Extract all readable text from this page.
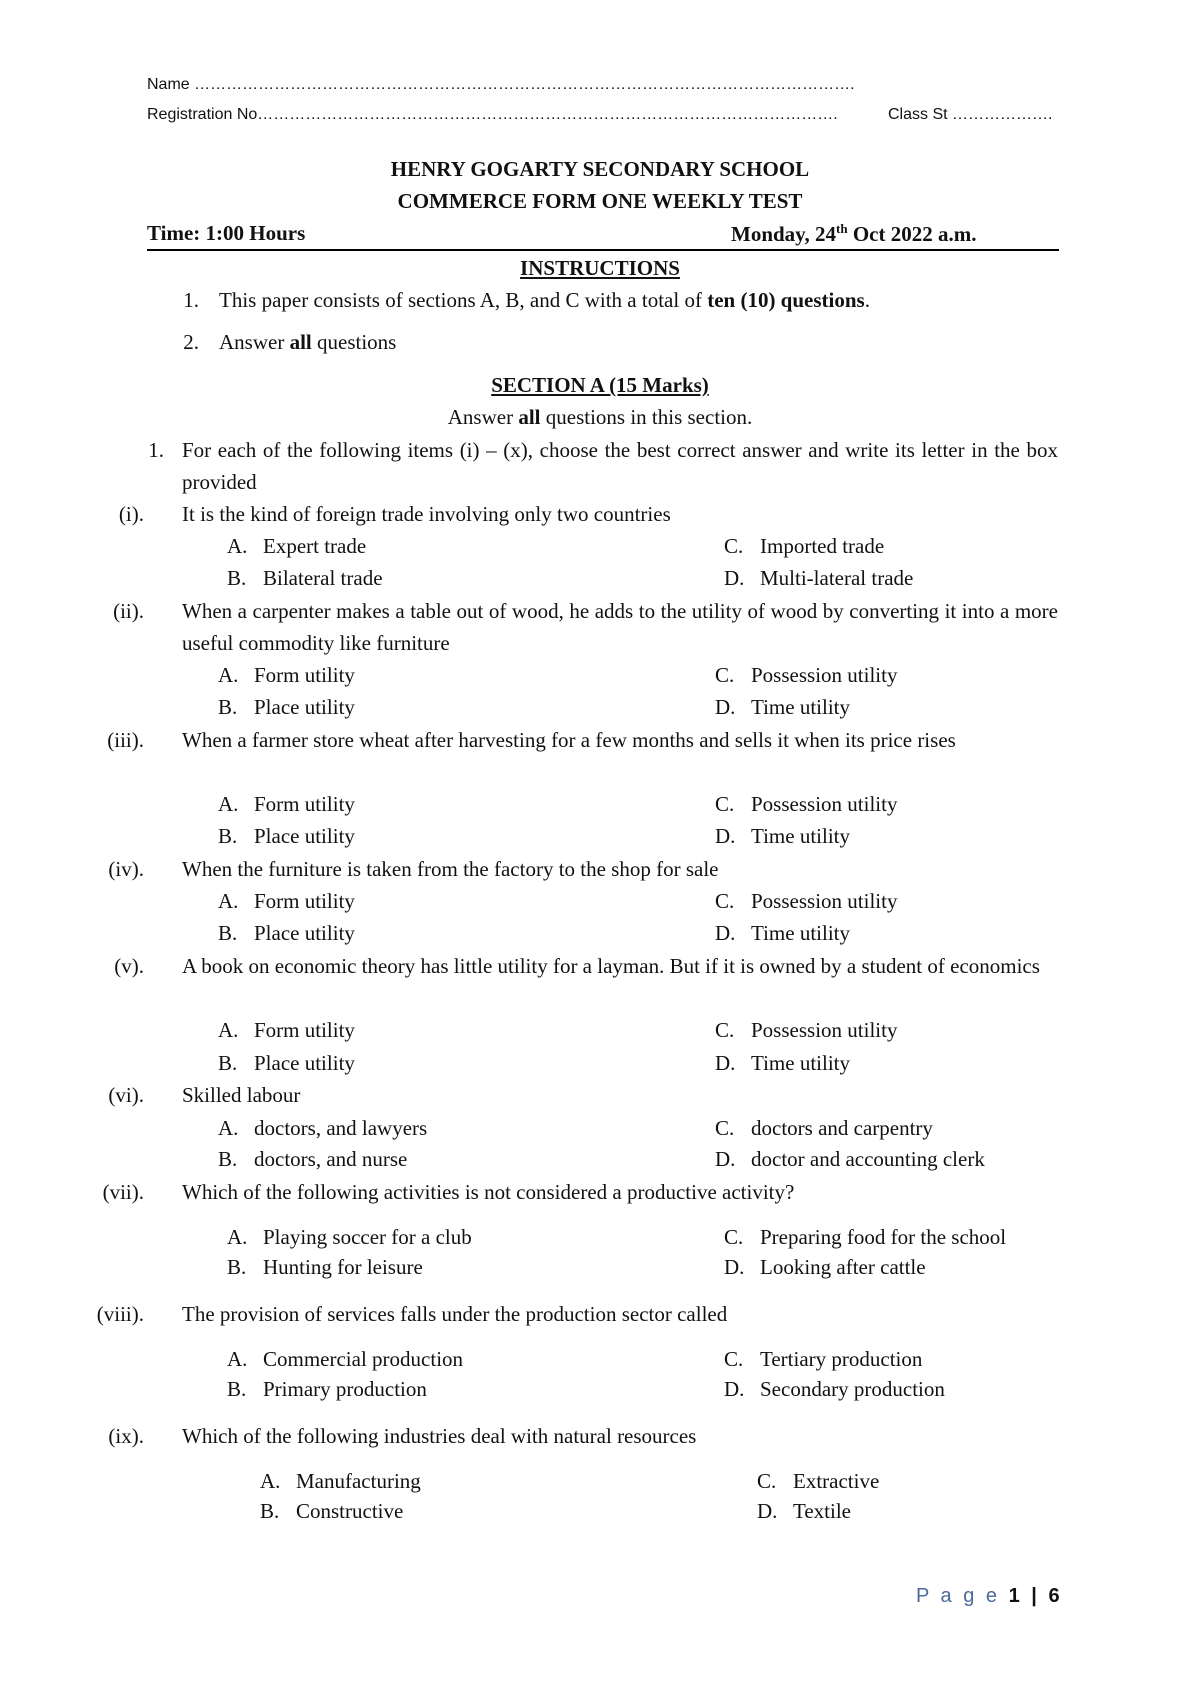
Name …………………………………………………………………………………………………………….
Registration No……………………………………………………………………………………………….	Class St ……………….
HENRY GOGARTY SECONDARY SCHOOL
COMMERCE FORM ONE WEEKLY TEST
Time: 1:00 Hours	Monday, 24th Oct 2022 a.m.
INSTRUCTIONS
1. This paper consists of sections A, B, and C with a total of ten (10) questions.
2. Answer all questions
SECTION A (15 Marks)
Answer all questions in this section.
1. For each of the following items (i) – (x), choose the best correct answer and write its letter in the box provided
(i). It is the kind of foreign trade involving only two countries
A. Expert trade
B. Bilateral trade
C. Imported trade
D. Multi-lateral trade
(ii). When a carpenter makes a table out of wood, he adds to the utility of wood by converting it into a more useful commodity like furniture
A. Form utility
B. Place utility
C. Possession utility
D. Time utility
(iii). When a farmer store wheat after harvesting for a few months and sells it when its price rises
A. Form utility
B. Place utility
C. Possession utility
D. Time utility
(iv). When the furniture is taken from the factory to the shop for sale
A. Form utility
B. Place utility
C. Possession utility
D. Time utility
(v). A book on economic theory has little utility for a layman. But if it is owned by a student of economics
A. Form utility
B. Place utility
C. Possession utility
D. Time utility
(vi). Skilled labour
A. doctors, and lawyers
B. doctors, and nurse
C. doctors and carpentry
D. doctor and accounting clerk
(vii). Which of the following activities is not considered a productive activity?
A. Playing soccer for a club
B. Hunting for leisure
C. Preparing food for the school
D. Looking after cattle
(viii). The provision of services falls under the production sector called
A. Commercial production
B. Primary production
C. Tertiary production
D. Secondary production
(ix). Which of the following industries deal with natural resources
A. Manufacturing
B. Constructive
C. Extractive
D. Textile
P a g e 1 | 6
